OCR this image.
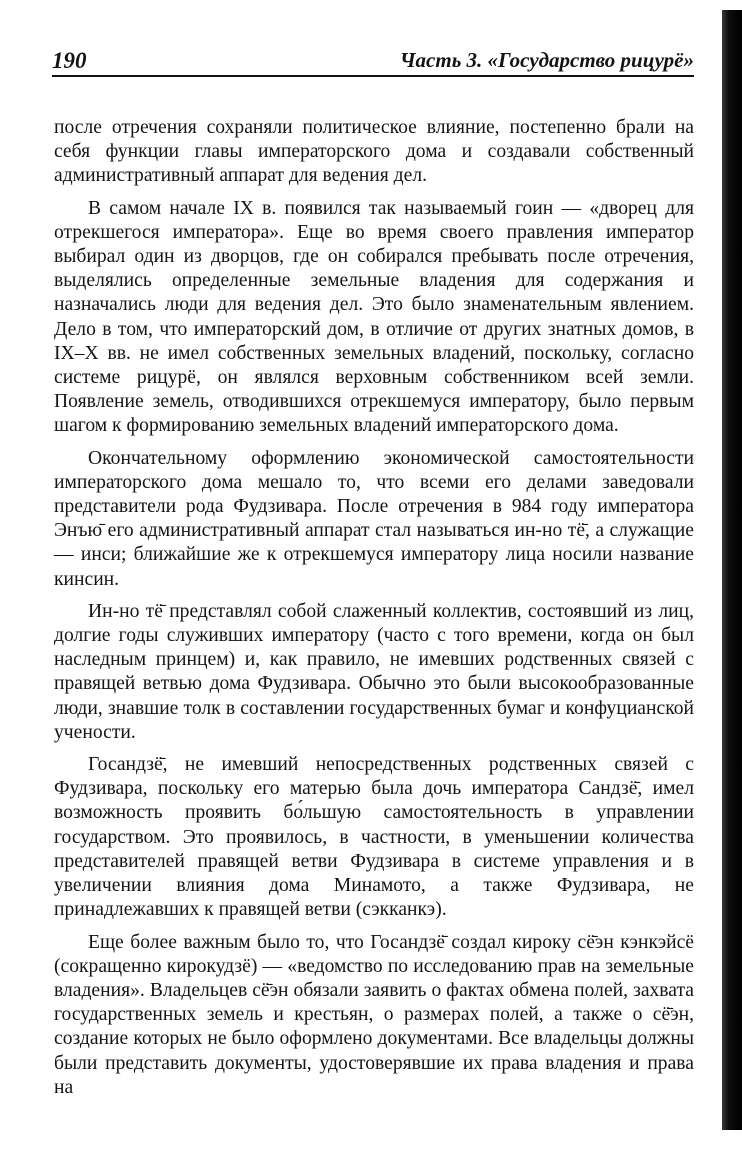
190	Часть 3. «Государство рицурё»

после отречения сохраняли политическое влияние, постепенно брали на себя функции главы императорского дома и создавали собственный административный аппарат для ведения дел.

В самом начале IX в. появился так называемый гоин — «дворец для отрекшегося императора». Еще во время своего правления император выбирал один из дворцов, где он собирался пребывать после отречения, выделялись определенные земельные владения для содержания и назначались люди для ведения дел. Это было знаменательным явлением. Дело в том, что императорский дом, в отличие от других знатных домов, в IX–X вв. не имел собственных земельных владений, поскольку, согласно системе рицурё, он являлся верховным собственником всей земли. Появление земель, отводившихся отрекшемуся императору, было первым шагом к формированию земельных владений императорского дома.

Окончательному оформлению экономической самостоятельности императорского дома мешало то, что всеми его делами заведовали представители рода Фудзивара. После отречения в 984 году императора Энъю̄ его административный аппарат стал называться ин-но тё̄, а служащие — инси; ближайшие же к отрекшемуся императору лица носили название кинсин.

Ин-но тё̄ представлял собой слаженный коллектив, состоявший из лиц, долгие годы служивших императору (часто с того времени, когда он был наследным принцем) и, как правило, не имевших родственных связей с правящей ветвью дома Фудзивара. Обычно это были высокообразованные люди, знавшие толк в составлении государственных бумаг и конфуцианской учености.

Госандзё̄, не имевший непосредственных родственных связей с Фудзивара, поскольку его матерью была дочь императора Сандзё̄, имел возможность проявить бо́льшую самостоятельность в управлении государством. Это проявилось, в частности, в уменьшении количества представителей правящей ветви Фудзивара в системе управления и в увеличении влияния дома Минамото, а также Фудзивара, не принадлежавших к правящей ветви (сэкканкэ).

Еще более важным было то, что Госандзё̄ создал кироку сё̄эн кэнкэйсё (сокращенно кирокудзё) — «ведомство по исследованию прав на земельные владения». Владельцев сё̄эн обязали заявить о фактах обмена полей, захвата государственных земель и крестьян, о размерах полей, а также о сё̄эн, создание которых не было оформлено документами. Все владельцы должны были представить документы, удостоверявшие их права владения и права на
